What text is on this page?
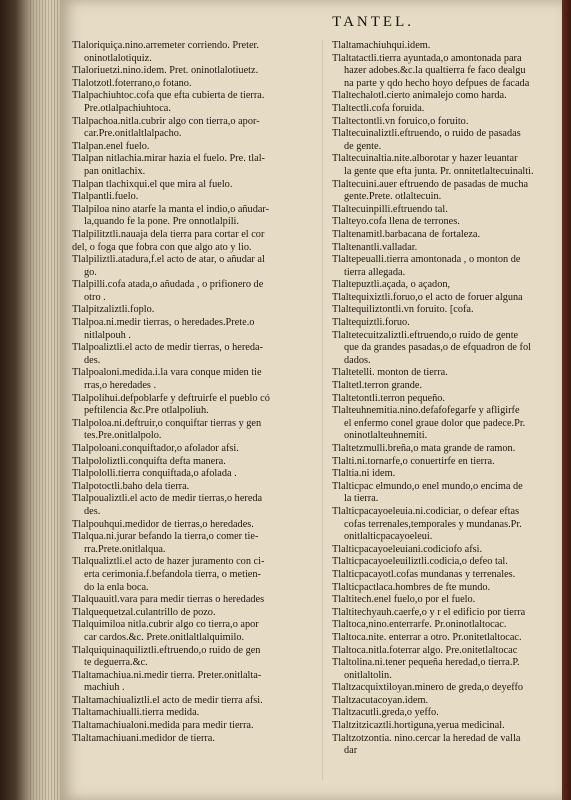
TANTEL.

Tlaloriquiça.nino.arremeter corriendo. Preter.

oninotlalotiquiz.

Tlaloriuetzi.nino.idem. Pret. oninotlalotiuetz.

Tlalotzotl.foterrano,o fotano.

Tlalpachiuhtoc.cofa que efta cubierta de tierra.

Pre.otlalpachiuhtoca.

Tlalpachoa.nitla.cubrir algo con tierra,o apor-

car.Pre.onitlaltlalpacho.

Tlalpan.enel fuelo.

Tlalpan nitlachia.mirar hazia el fuelo. Pre. tlal-

pan onitlachix.

Tlalpan tlachixqui.el que mira al fuelo.

Tlalpantli.fuelo.

Tlalpiloa nino atarfe la manta el indio,o añudar-

la,quando fe la pone. Pre onnotlalpili.

Tlalpilitztli.nauaja dela tierra para cortar el cor

del, o foga que fobra con que algo ato y lio.

Tlalpiliztli.atadura,f.el acto de atar, o añudar al

go.

Tlalpilli.cofa atada,o añudada , o prifionero de

otro .

Tlalpitzaliztli.foplo.

Tlalpoa.ni.medir tierras, o heredades.Prete.o

nitlalpouh .

Tlalpoaliztli.el acto de medir tierras, o hereda-

des.

Tlalpoaloni.medida.i.la vara conque miden tie

rras,o heredades .

Tlalpolihui.defpoblarfe y deftruirfe el pueblo có

peftilencia &c.Pre otlalpoliuh.

Tlalpoloa.ni.deftruir,o conquiftar tierras y gen

tes.Pre.onitlalpolo.

Tlalpoloani.conquiftador,o afolador afsi.

Tlalpololiztli.conquifta defta manera.

Tlalpololli.tierra conquiftada,o afolada .

Tlalpotoctli.baho dela tierra.

Tlalpoualiztli.el acto de medir tierras,o hereda

des.

Tlalpouhqui.medidor de tierras,o heredades.

Tlalqua.ni.jurar befando la tierra,o comer tie-

rra.Prete.onitlalqua.

Tlalqualiztli.el acto de hazer juramento con ci-

erta cerimonia.f.befandola tierra, o metien-

do la enla boca.

Tlalquauitl.vara para medir tierras o heredades

Tlalquequetzal.culantrillo de pozo.

Tlalquimiloa nitla.cubrir algo co tierra,o apor

car cardos.&c. Prete.onitlaltlalquimilo.

Tlalquiquinaquiliztli.eftruendo,o ruido de gen

te deguerra.&c.

Tlaltamachiua.ni.medir tierra. Preter.onitlalta-

machiuh .

Tlaltamachiualiztli.el acto de medir tierra afsi.

Tlaltamachiualli.tierra medida.

Tlaltamachiualoni.medida para medir tierra.

Tlaltamachiuani.medidor de tierra.

Tlaltamachiuhqui.idem.

Tlaltatactli.tierra ayuntada,o amontonada para

hazer adobes.&c.la qualtierra fe faco dealgu

na parte y qdo hecho hoyo defpues de facada

Tlaltechalotl.cierto animalejo como harda.

Tlaltectli.cofa foruida.

Tlaltectontli.vn foruico,o foruito.

Tlaltecuinaliztli.eftruendo, o ruido de pasadas

de gente.

Tlaltecuinaltia.nite.alborotar y hazer leuantar

la gente que efta junta. Pr. onnitetlaltecuinaltì.

Tlaltecuini.auer eftruendo de pasadas de mucha

gente.Prete. otlaltecuin.

Tlaltecuinpilli.eftruendo tal.

Tlalteyo.cofa llena de terrones.

Tlaltenamitl.barbacana de fortaleza.

Tlaltenantli.valladar.

Tlaltepeualli.tierra amontonada , o monton de

tierra allegada.

Tlaltepuztli.açada, o açadon,

Tlaltequixiztli.foruo,o el acto de foruer alguna

Tlaltequiliztontli.vn foruito. [cofa.

Tlaltequiztli.foruo.

Tlaltetecuitzaliztli.eftruendo,o ruido de gente

que da grandes pasadas,o de efquadron de fol

dados.

Tlaltetelli. monton de tierra.

Tlaltetl.terron grande.

Tlaltetontli.terron pequeño.

Tlalteuhnemitia.nino.defafofegarfe y afligirfe

el enfermo conel graue dolor que padece.Pr.

oninotlalteuhnemiti.

Tlaltetzmulli.breña,o mata grande de ramon.

Tlalti.ni.tornarfe,o conuertirfe en tierra.

Tlaltia.ni idem.

Tlalticpac elmundo,o enel mundo,o encima de

la tierra.

Tlalticpacayoeleuia.ni.codiciar, o defear eftas

cofas terrenales,temporales y mundanas.Pr.

onitlalticpacayoeleui.

Tlalticpacayoeleuiani.codiciofo afsi.

Tlalticpacayoeleuiliztli.codicia,o defeo tal.

Tlalticpacayotl.cofas mundanas y terrenales.

Tlalticpactlaca.hombres de fte mundo.

Tlaltitech.enel fuelo,o por el fuelo.

Tlaltitechyauh.caerfe,o y r el edificio por tierra

Tlaltoca,nino.enterrarfe. Pr.oninotlaltocac.

Tlaltoca.nite. enterrar a otro. Pr.onitetlaltocac.

Tlaltoca.nitla.foterrar algo. Pre.onitetlaltocac

Tlaltolina.ni.tener pequeña heredad,o tierra.P.

onitlaltolin.

Tlaltzacquixtiloyan.minero de greda,o deyeffo

Tlaltzacutacoyan.idem.

Tlaltzacutli.greda,o yeffo.

Tlaltzitzicaztli.hortiguna,yerua medicinal.

Tlaltzotzontia. nino.cercar la heredad de valla

dar
